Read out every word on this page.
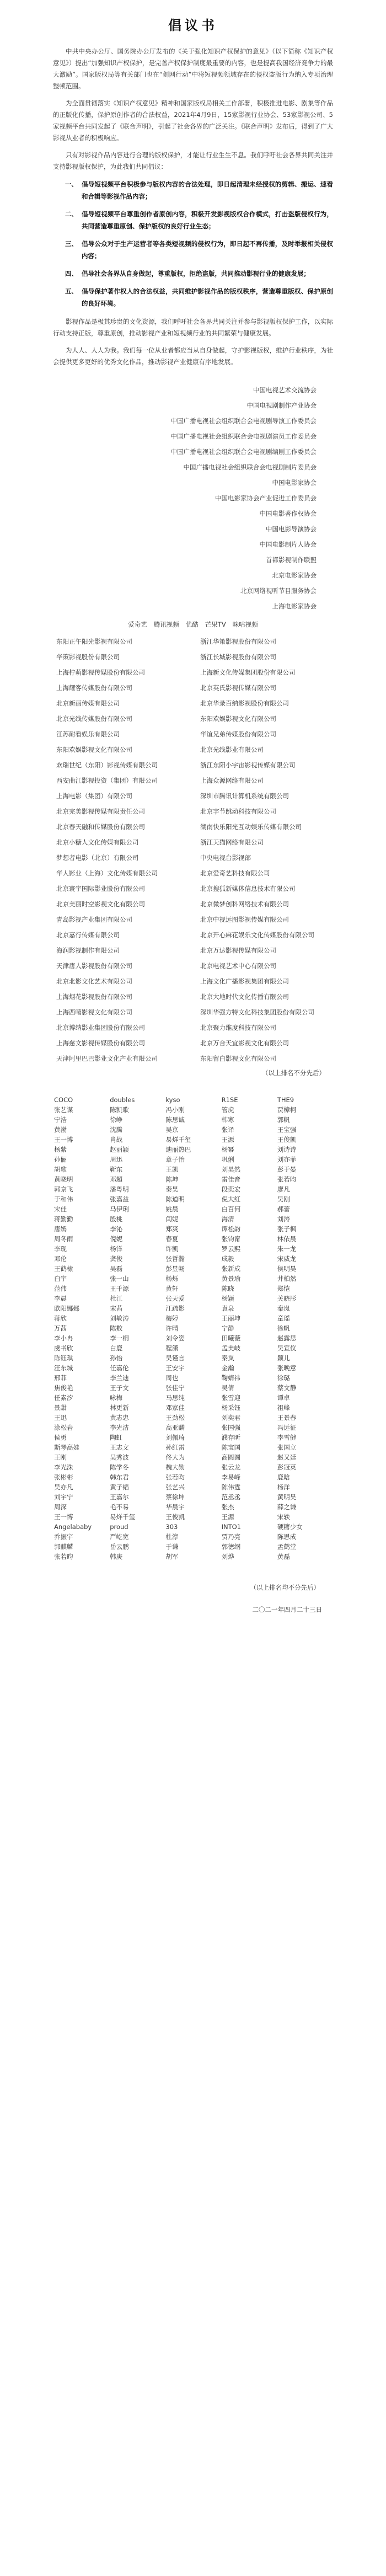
倡议书

中共中央办公厅、国务院办公厅发布的《关于强化知识产权保护的意见》（以下简称《知识产权意见》）提出“加强知识产权保护，是完善产权保护制度最重要的内容，也是提高我国经济竞争力的最大激励”。国家版权局等有关部门也在“剑网行动”中将短视频领域存在的侵权盗版行为纳入专项治理整顿范围。

为全面贯彻落实《知识产权意见》精神和国家版权局相关工作部署，积极推进电影、剧集等作品的正版化传播，保护原创作者的合法权益，2021年4月9日，15家影视行业协会、53家影视公司、5家视频平台共同发起了《联合声明》，引起了社会各界的广泛关注。《联合声明》发布后，得到了广大影视从业者的积极响应。

只有对影视作品内容进行合理的版权保护，才能让行业生生不息。我们呼吁社会各界共同关注并支持影视版权保护，为此我们共同倡议：

一、 倡导短视频平台积极参与版权内容的合法处理，即日起清理未经授权的剪辑、搬运、速看和合辑等影视作品内容；
二、 倡导短视频平台尊重创作者原创内容，积极开发影视版权合作模式，打击盗版侵权行为，共同营造尊重原创、保护版权的良好行业生态；
三、 倡导公众对于生产运营者等各类短视频的侵权行为，即日起不再传播，及时举报相关侵权内容；
四、 倡导社会各界从自身做起，尊重版权，拒绝盗版，共同推动影视行业的健康发展；
五、 倡导保护著作权人的合法权益，共同维护影视作品的版权秩序，营造尊重版权、保护原创的良好环境。

影视作品是极其珍贵的文化资源，我们呼吁社会各界共同关注并参与影视版权保护工作，以实际行动支持正版，尊重原创，推动影视产业和短视频行业的共同繁荣与健康发展。

为人人、人人为我。我们每一位从业者都应当从自身做起，守护影视版权，维护行业秩序，为社会提供更多更好的优秀文化作品，推动影视产业健康有序地发展。

中国电视艺术交流协会
中国电视剧制作产业协会
中国广播电视社会组织联合会电视剧导演工作委员会
中国广播电视社会组织联合会电视剧演员工作委员会
中国广播电视社会组织联合会电视剧编剧工作委员会
中国广播电视社会组织联合会电视剧制片委员会
中国电影家协会
中国电影家协会产业促进工作委员会
中国电影著作权协会
中国电影导演协会
中国电影制片人协会
首都影视制作联盟
北京电影家协会
北京网络视听节目服务协会
上海电影家协会
爱奇艺 腾讯视频 优酷 芒果TV 咪咕视频
东阳正午阳光影视有限公司	浙江华策影视股份有限公司
华策影视股份有限公司	浙江长城影视股份有限公司
上海柠萌影视传媒股份有限公司	上海新文化传媒集团股份有限公司
上海耀客传媒股份有限公司	北京英氏影视传媒有限公司
北京新丽传媒有限公司	北京华录百纳影视股份有限公司
北京光线传媒股份有限公司	东阳欢娱影视文化有限公司
江苏耐看娱乐有限公司	华谊兄弟传媒股份有限公司
东阳欢娱影视文化有限公司	北京光线影业有限公司
欢瑞世纪（东阳）影视传媒有限公司	浙江东阳小宇宙影视传媒有限公司
西安曲江影视投资（集团）有限公司	上海众源网络有限公司
上海电影（集团）有限公司	深圳市腾讯计算机系统有限公司
北京完美影视传媒有限责任公司	北京字节跳动科技有限公司
北京春天融和传媒股份有限公司	湖南快乐阳光互动娱乐传媒有限公司
北京小糖人文化传媒有限公司	浙江天猫网络有限公司
梦想者电影（北京）有限公司	中央电视台影视部
华人影业（上海）文化传媒有限公司	北京爱奇艺科技有限公司
北京寰宇国际影业股份有限公司	北京搜狐新媒体信息技术有限公司
北京美丽时空影视文化有限公司	北京微梦创科网络技术有限公司
青岛影视产业集团有限公司	北京中视远图影视传媒有限公司
北京嘉行传媒有限公司	北京开心麻花娱乐文化传媒股份有限公司
海润影视制作有限公司	北京万达影视传媒有限公司
天津唐人影视股份有限公司	北京电视艺术中心有限公司
北京北影文化艺术有限公司	上海文化广播影视集团有限公司
上海烟花影视股份有限公司	北京大地时代文化传播有限公司
上海西嘻影视文化有限公司	深圳华强方特文化科技集团股份有限公司
北京博纳影业集团股份有限公司	北京聚力维度科技有限公司
上海慈文影视传媒股份有限公司	北京万合天宜影视文化有限公司
天津阿里巴巴影业文化产业有限公司	东阳留白影视文化有限公司
（以上排名不分先后）
COCO	doubles	kyso	R1SE	THE9
张艺谋	陈凯歌	冯小刚	管虎	贾樟柯
宁浩	徐峥	陈思诚	韩寒	郭帆
黄渤	沈腾	吴京	张译	王宝强
王一博	肖战	易烊千玺	王源	王俊凯
杨紫	赵丽颖	迪丽热巴	杨幂	刘诗诗
孙俪	周迅	章子怡	巩俐	刘亦菲
胡歌	靳东	王凯	刘昊然	彭于晏
黄晓明	邓超	陈坤	雷佳音	张若昀
郭京飞	潘粤明	秦昊	段奕宏	廖凡
于和伟	张嘉益	陈道明	倪大红	吴刚
宋佳	马伊琍	姚晨	白百何	郝蕾
蒋勤勤	殷桃	闫妮	海清	刘涛
唐嫣	李沁	郑爽	谭松韵	张子枫
周冬雨	倪妮	春夏	张钧甯	林依晨
李现	杨洋	许凯	罗云熙	朱一龙
邓伦	龚俊	张哲瀚	成毅	宋威龙
王鹤棣	吴磊	彭昱畅	张新成	侯明昊
白宇	张一山	杨烁	黄景瑜	井柏然
范伟	王千源	黄轩	陈晓	郑恺
李晨	杜江	张天爱	杨颖	关晓彤
欧阳娜娜	宋茜	江疏影	袁泉	秦岚
蒋欣	刘敏涛	梅婷	王丽坤	童瑶
万茜	陈数	许晴	宁静	徐帆
李小冉	李一桐	刘令姿	田曦薇	赵露思
虞书欣	白鹿	程潇	孟美岐	吴宣仪
陈钰琪	孙怡	吴谨言	秦岚	颖儿
汪东城	任嘉伦	王安宇	金瀚	张晚意
邢菲	李兰迪	周也	鞠婧祎	徐璐
焦俊艳	王子文	张佳宁	吴倩	蔡文静
任素汐	咏梅	马思纯	张雪迎	谭卓
景甜	林更新	邓家佳	杨采钰	祖峰
王迅	黄志忠	王劲松	刘奕君	王景春
涂松岩	李光洁	高亚麟	张国强	冯远征
侯勇	陶虹	刘佩琦	濮存昕	李雪健
斯琴高娃	王志文	孙红雷	陈宝国	张国立
王刚	吴秀波	佟大为	高圆圆	赵又廷
李光洙	陈学冬	魏大勋	张云龙	彭冠英
张彬彬	韩东君	张若昀	李易峰	鹿晗
吴亦凡	黄子韬	张艺兴	陈伟霆	杨洋
刘宇宁	王嘉尔	蔡徐坤	范丞丞	黄明昊
周深	毛不易	华晨宇	张杰	薛之谦
王一博	易烊千玺	王俊凯	王源	宋轶
Angelababy	proud	303	INTO1	硬糖少女
乔振宇	严屹宽	杜淳	贾乃亮	陈思成
郭麒麟	岳云鹏	于谦	郭德纲	孟鹤堂
张若昀	韩庚	胡军	刘烨	黄磊
（以上排名均不分先后）
二〇二一年四月二十三日
